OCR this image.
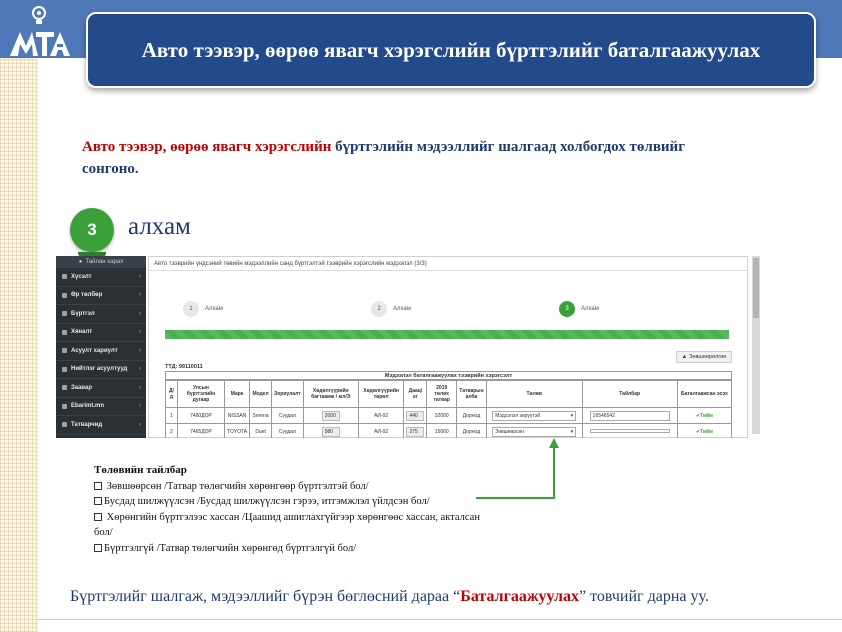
Авто тээвэр, өөрөө явагч хэрэгслийн бүртгэлийг баталгаажуулах

Авто тээвэр, өөрөө явагч хэрэгслийн бүртгэлийн мэдээллийг шалгаад холбогдох төлвийг сонгоно.

3	алхам
● Тайлан харах
Хүсэлт	‹
Өр төлбөр	‹
Бүртгэл	‹
Хяналт	‹
Асуулт хариулт	‹
Нийтлэг асуултууд ‹
Заавар	‹
Ebarimt.mn	‹
Татварчид	‹
Авто тээврийн үндсэний төвийн мэдээллийн санд бүртгэлтэй тээврийн хэрэгслийн мэдээлэл (3/3)
1	Алхам	2	Алхам	3	Алхам
▲ Зөвшөөрөлгөө
ТТД: 99110011
Мэдээлэл баталгаажуулах тээврийн хэрэгсэлт
Д/д	Улсын бүртгэлийн дугаар	Марк	Модел	Зориулалт	Хөдөлгүүрийн багтаамж / мл/Э	Хөдөлгүүрийн төрөл	Даац/кг	2019 төлөх татвар	Татварын алба	Төлөв	Тайлбар	Баталгаажсан эсэх
1	7480ДОР	NISSAN	Serena	Суудал	2000	АИ-92	440	32000	Дорнод	Мэдээлэл зөрүүтэй ▾	16546542	✔Тийм
2	7465ДОР	TOYOTA	Duet	Суудал	980	АИ-92	275	15660	Дорнод	Зөвшөөрсөн ▾		✔Тийм
Төлөвийн тайлбар
Зөвшөөрсөн /Татвар төлөгчийн хөрөнгөөр бүртгэлтэй бол/
Бусдад шилжүүлсэн /Бусдад шилжүүлсэн гэрээ, итгэмжлэл үйлдсэн бол/
Хөрөнгийн бүртгэлээс хассан /Цаашид ашиглахгүйгээр хөрөнгөөс хассан, акталсан бол/
Бүртгэлгүй /Татвар төлөгчийн хөрөнгөд бүртгэлгүй бол/

Бүртгэлийг шалгаж, мэдээллийг бүрэн бөглөсний дараа “Баталгаажуулах” товчийг дарна уу.
